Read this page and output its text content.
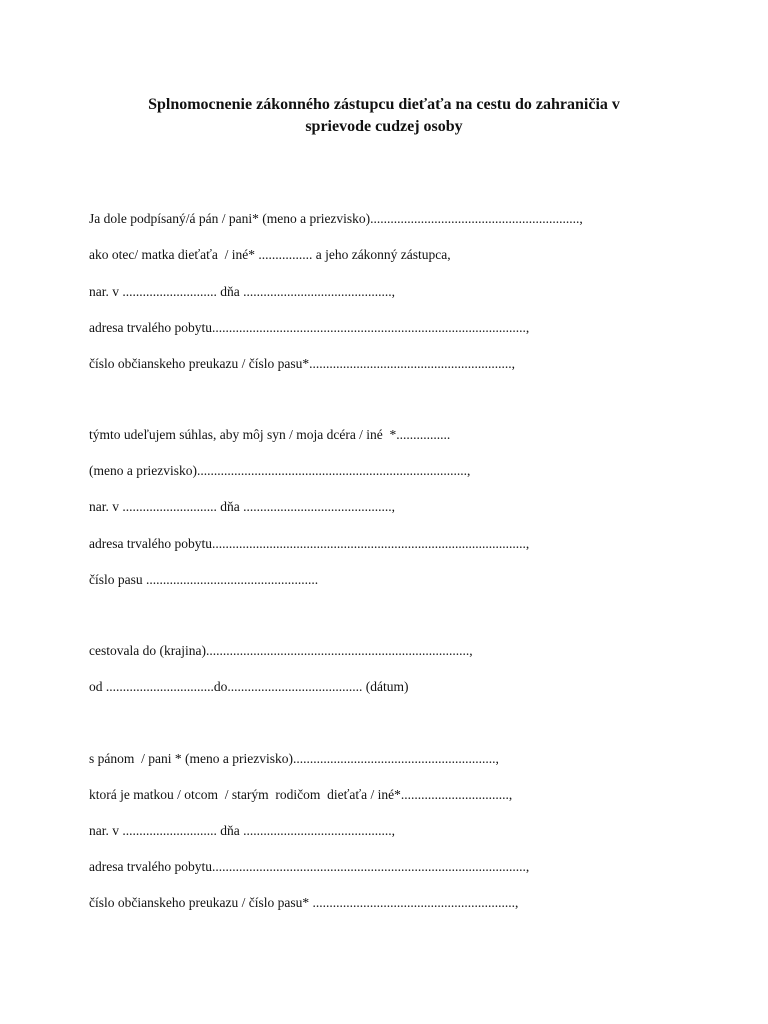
Splnomocnenie zákonného zástupcu dieťaťa na cestu do zahraničia v
sprievode cudzej osoby
Ja dole podpísaný/á pán / pani* (meno a priezvisko)..............................................................,
ako otec/ matka dieťaťa  / iné* ................ a jeho zákonný zástupca,
nar. v ............................ dňa ............................................,
adresa trvalého pobytu.............................................................................................,
číslo občianskeho preukazu / číslo pasu*............................................................,
týmto udeľujem súhlas, aby môj syn / moja dcéra / iné  *................
(meno a priezvisko)................................................................................,
nar. v ............................ dňa ............................................,
adresa trvalého pobytu.............................................................................................,
číslo pasu ...................................................
cestovala do (krajina)..............................................................................,
od ................................do........................................ (dátum)
s pánom  / pani * (meno a priezvisko)............................................................,
ktorá je matkou / otcom  / starým  rodičom  dieťaťa / iné*................................,
nar. v ............................ dňa ............................................,
adresa trvalého pobytu.............................................................................................,
číslo občianskeho preukazu / číslo pasu* ............................................................,
